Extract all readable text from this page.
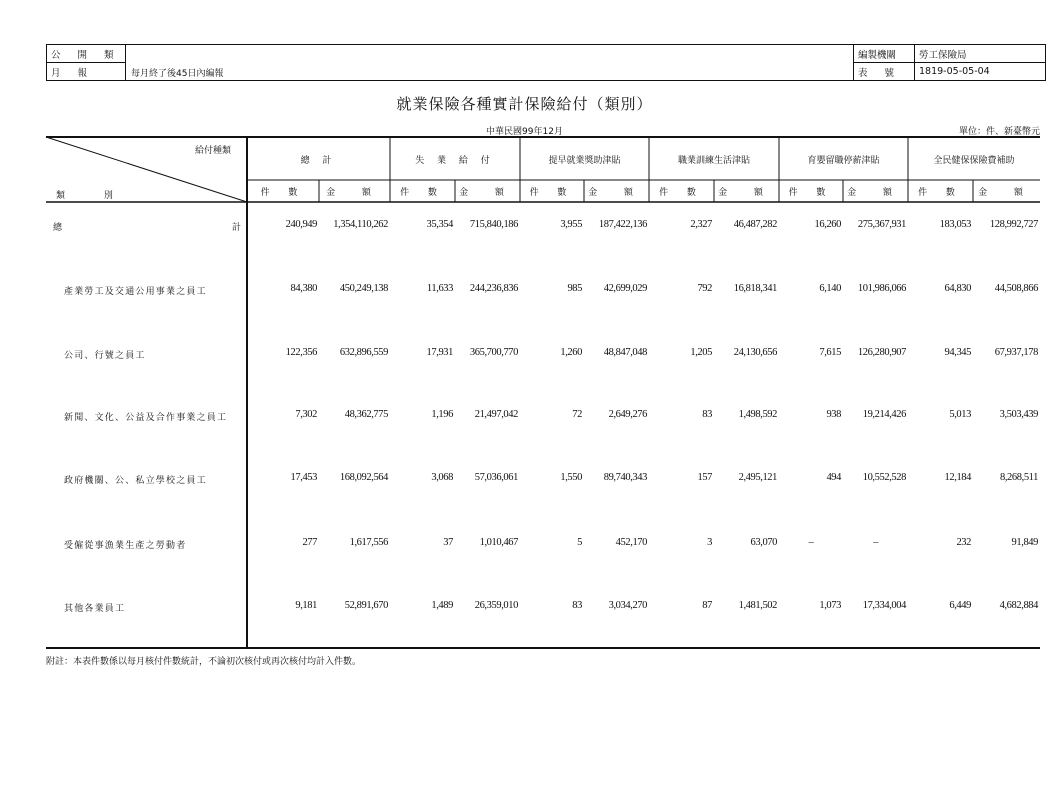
公 開 類
月 報	每月終了後45日內編報
編製機關	勞工保險局
表 號	1819-05-05-04
就業保險各種實計保險給付（類別）
中華民國99年12月	單位：件、新臺幣元
給付種類
類 別
總 計	失 業 給 付	提早就業獎助津貼	職業訓練生活津貼	育嬰留職停薪津貼	全民健保保險費補助
件 數	金 額	件 數	金 額	件 數	金 額	件 數	金 額	件 數	金 額	件 數	金 額
總	計	240,949 1,354,110,262	35,354 715,840,186	3,955 187,422,136	2,327 46,487,282	16,260 275,367,931	183,053 128,992,727
產業勞工及交通公用事業之員工	84,380 450,249,138	11,633 244,236,836	985 42,699,029	792 16,818,341	6,140 101,986,066	64,830 44,508,866
公司、行號之員工	122,356 632,896,559	17,931 365,700,770	1,260 48,847,048	1,205 24,130,656	7,615 126,280,907	94,345 67,937,178
新聞、文化、公益及合作事業之員工	7,302	48,362,775	1,196 21,497,042	72	2,649,276	83	1,498,592	938 19,214,426	5,013	3,503,439
政府機關、公、私立學校之員工	17,453 168,092,564	3,068 57,036,061	1,550 89,740,343	157	2,495,121	494 10,552,528	12,184	8,268,511
受僱從事漁業生產之勞動者	277	1,617,556	37	1,010,467	5	452,170	3	63,070	–	–	232	91,849
其他各業員工	9,181	52,891,670	1,489 26,359,010	83	3,034,270	87	1,481,502	1,073 17,334,004	6,449	4,682,884
附註：本表件數係以每月核付件數統計，不論初次核付或再次核付均計入件數。
